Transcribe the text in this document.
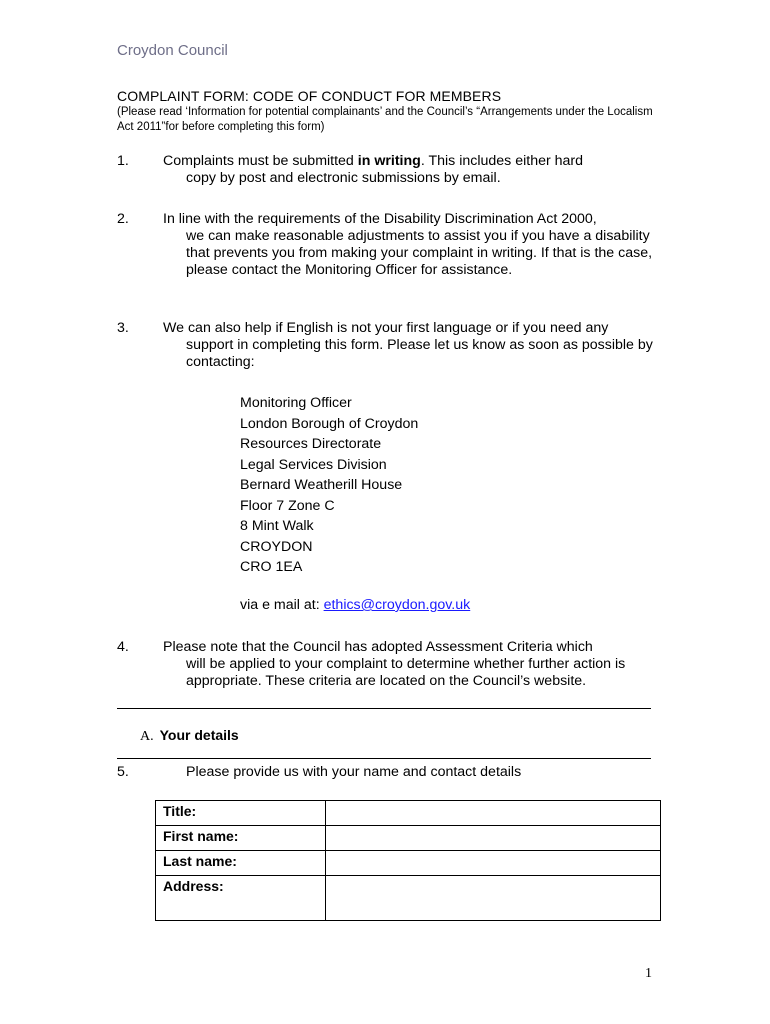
Croydon Council
COMPLAINT FORM: CODE OF CONDUCT FOR MEMBERS
(Please read ‘Information for potential complainants’ and the Council’s “Arrangements under the Localism Act 2011”for before completing this form)
1. Complaints must be submitted in writing. This includes either hard
copy by post and electronic submissions by email.
2. In line with the requirements of the Disability Discrimination Act 2000,
we can make reasonable adjustments to assist you if you have a disability that prevents you from making your complaint in writing. If that is the case, please contact the Monitoring Officer for assistance.
3. We can also help if English is not your first language or if you need any
support in completing this form. Please let us know as soon as possible by contacting:
Monitoring Officer
London Borough of Croydon
Resources Directorate
Legal Services Division
Bernard Weatherill House
Floor 7 Zone C
8 Mint Walk
CROYDON
CRO 1EA
via e mail at: ethics@croydon.gov.uk
4. Please note that the Council has adopted Assessment Criteria which
will be applied to your complaint to determine whether further action is appropriate. These criteria are located on the Council’s website.
A. Your details
5.	Please provide us with your name and contact details
Title:	
First name:	
Last name:	
Address:	
1
